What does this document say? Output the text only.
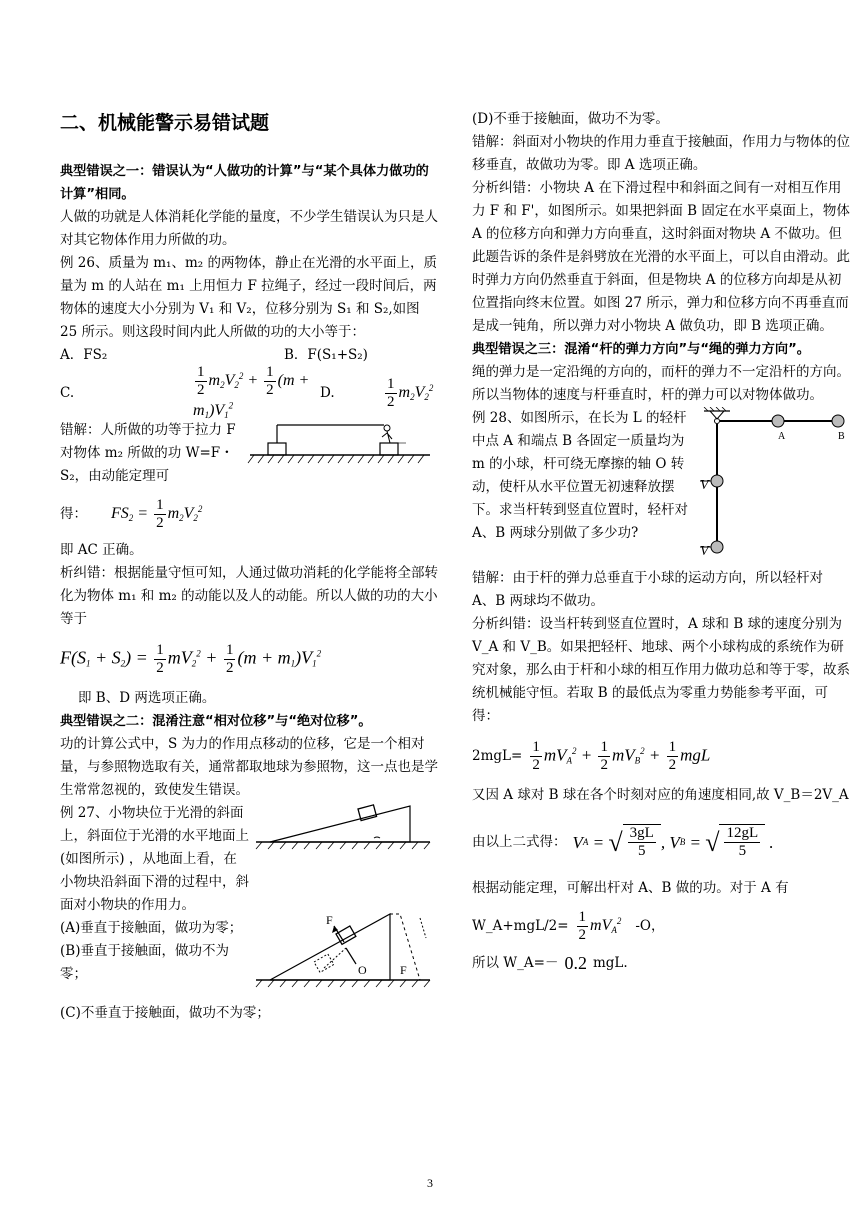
二、机械能警示易错试题

典型错误之一：错误认为“人做功的计算”与“某个具体力做功的计算”相同。

人做的功就是人体消耗化学能的量度，不少学生错误认为只是人对其它物体作用力所做的功。

例 26、质量为 m₁、m₂ 的两物体，静止在光滑的水平面上，质量为 m 的人站在 m₁ 上用恒力 F 拉绳子，经过一段时间后，两物体的速度大小分别为 V₁ 和 V₂，位移分别为 S₁ 和 S₂,如图 25 所示。则这段时间内此人所做的功的大小等于：

A．FS₂	B．F(S₁+S₂)
C.	$\frac{1}{2} m_2V_2^2 + \frac{1}{2} (m + m_1)V_1^2$
D.	$\frac{1}{2} m_2V_2^2$

错解：人所做的功等于拉力 F 对物体 m₂ 所做的功 W=F・S₂，由动能定理可

得： $FS_2 = \frac{1}{2} m_2V_2^2$

即 AC 正确。

析纠错：根据能量守恒可知，人通过做功消耗的化学能将全部转化为物体 m₁ 和 m₂ 的动能以及人的动能。所以人做的功的大小等于

$F(S_1 + S_2) = \frac{1}{2} mV_2^2 + \frac{1}{2} (m + m_1)V_1^2$

即 B、D 两选项正确。

典型错误之二：混淆注意“相对位移”与“绝对位移”。

功的计算公式中，S 为力的作用点移动的位移，它是一个相对量，与参照物选取有关，通常都取地球为参照物，这一点也是学生常常忽视的，致使发生错误。

例 27、小物块位于光滑的斜面上，斜面位于光滑的水平地面上(如图所示) ，从地面上看，在小物块沿斜面下滑的过程中，斜面对小物块的作用力。

(A)垂直于接触面，做功为零；

(B)垂直于接触面，做功不为零；

F
O	F

(C)不垂直于接触面，做功不为零；

(D)不垂于接触面，做功不为零。

错解：斜面对小物块的作用力垂直于接触面，作用力与物体的位移垂直，故做功为零。即 A 选项正确。

分析纠错：小物块 A 在下滑过程中和斜面之间有一对相互作用力 F 和 F'，如图所示。如果把斜面 B 固定在水平桌面上，物体 A 的位移方向和弹力方向垂直，这时斜面对物块 A 不做功。但此题告诉的条件是斜劈放在光滑的水平面上，可以自由滑动。此时弹力方向仍然垂直于斜面，但是物块 A 的位移方向却是从初位置指向终末位置。如图 27 所示，弹力和位移方向不再垂直而是成一钝角，所以弹力对小物块 A 做负功，即 B 选项正确。

典型错误之三：混淆“杆的弹力方向”与“绳的弹力方向”。

绳的弹力是一定沿绳的方向的，而杆的弹力不一定沿杆的方向。所以当物体的速度与杆垂直时，杆的弹力可以对物体做功。

例 28、如图所示，在长为 L 的轻杆中点 A 和端点 B 各固定一质量均为 m 的小球，杆可绕无摩擦的轴 O 转动，使杆从水平位置无初速释放摆下。求当杆转到竖直位置时，轻杆对 A、B 两球分别做了多少功?

A	B
V
V

错解：由于杆的弹力总垂直于小球的运动方向，所以轻杆对 A、B 两球均不做功。

分析纠错：设当杆转到竖直位置时，A 球和 B 球的速度分别为 V_A 和 V_B。如果把轻杆、地球、两个小球构成的系统作为研究对象，那么由于杆和小球的相互作用力做功总和等于零，故系统机械能守恒。若取 B 的最低点为零重力势能参考平面，可得：

$2mgL= \frac{1}{2} mV_A^2 + \frac{1}{2} mV_B^2 + \frac{1}{2}$ mgL

又因 A 球对 B 球在各个时刻对应的角速度相同,故 V_B＝2V_A

由以上二式得： V A = √ $\frac{3gL}{5}$ , V B = √ $\frac{12gL}{5}$ .

根据动能定理，可解出杆对 A、B 做的功。对于 A 有

W_A+mgL/2= $\frac{1}{2} mV_A^2$ -O，
所以 W_A=－ 0.2 mgL.
3
